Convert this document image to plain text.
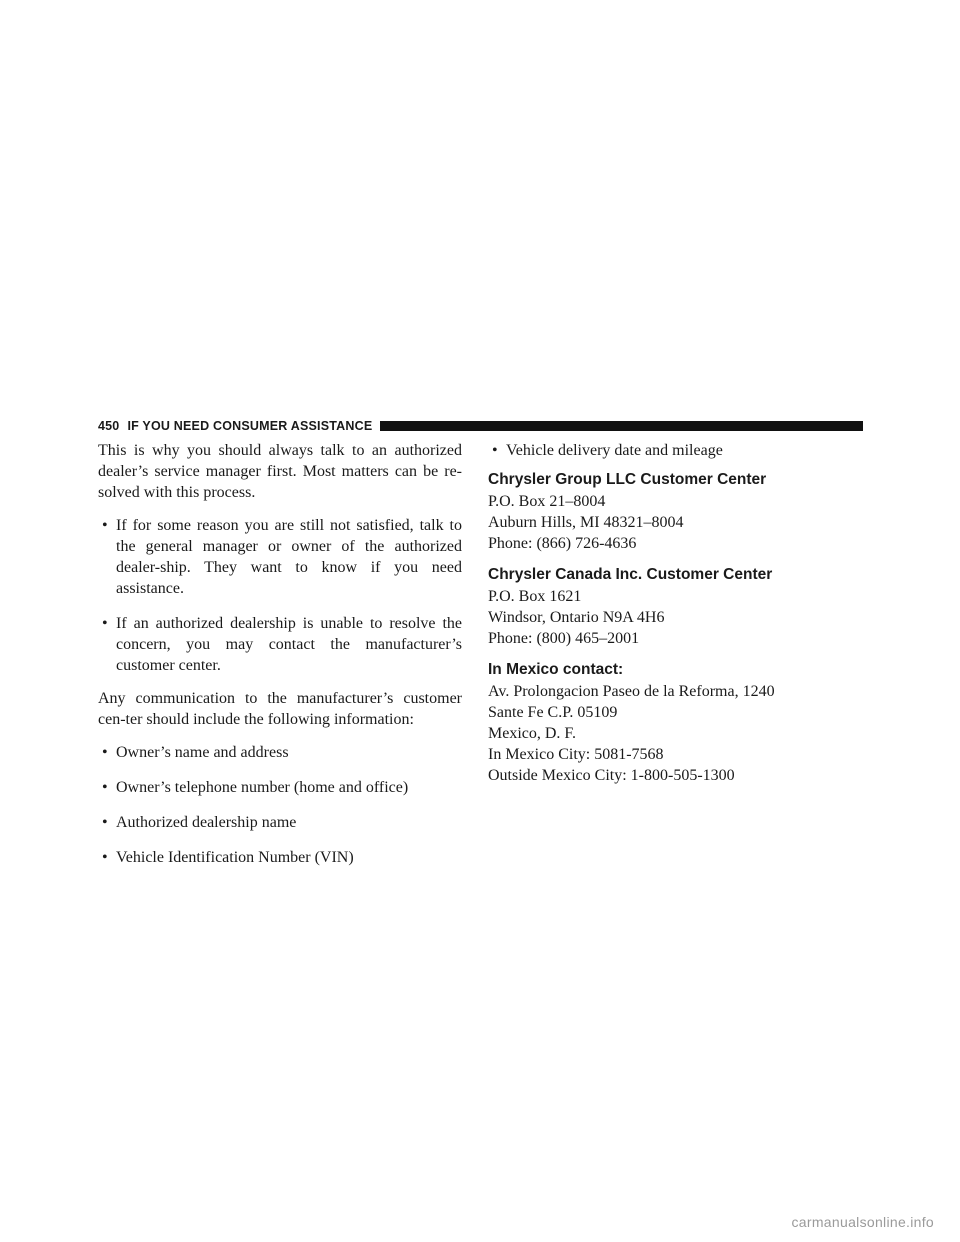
450 IF YOU NEED CONSUMER ASSISTANCE

This is why you should always talk to an authorized dealer’s service manager first. Most matters can be re-solved with this process.

• If for some reason you are still not satisfied, talk to the general manager or owner of the authorized dealer-ship. They want to know if you need assistance.
• If an authorized dealership is unable to resolve the concern, you may contact the manufacturer’s customer center.

Any communication to the manufacturer’s customer cen-ter should include the following information:

• Owner’s name and address
• Owner’s telephone number (home and office)
• Authorized dealership name
• Vehicle Identification Number (VIN)
• Vehicle delivery date and mileage
Chrysler Group LLC Customer Center
P.O. Box 21–8004
Auburn Hills, MI 48321–8004
Phone: (866) 726-4636
Chrysler Canada Inc. Customer Center
P.O. Box 1621
Windsor, Ontario N9A 4H6
Phone: (800) 465–2001
In Mexico contact:
Av. Prolongacion Paseo de la Reforma, 1240
Sante Fe C.P. 05109
Mexico, D. F.
In Mexico City: 5081-7568
Outside Mexico City: 1-800-505-1300
carmanualsonline.info
